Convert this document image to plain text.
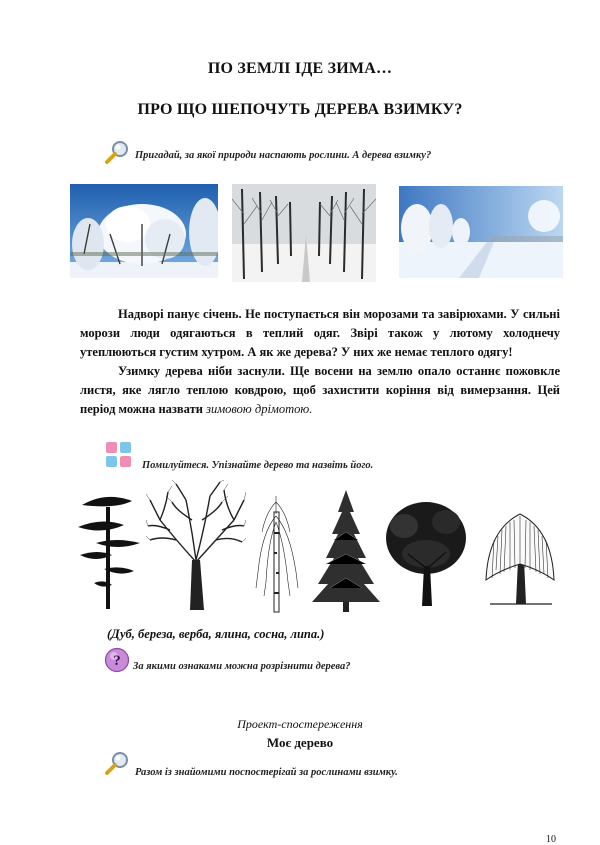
ПО ЗЕМЛІ ІДЕ ЗИМА…
ПРО ЩО ШЕПОЧУТЬ ДЕРЕВА ВЗИМКУ?
Пригадай, за якої природи наспають рослини. А дерева взимку?

Надворі панує січень. Не поступається він морозами та завірюхами. У сильні морози люди одягаються в теплий одяг. Звірі також у лютому холоднечу утеплюються густим хутром. А як же дерева? У них же немає теплого одягу!

Узимку дерева ніби заснули. Ще восени на землю опало останнє пожовкле листя, яке лягло теплою ковдрою, щоб захистити коріння від вимерзання. Цей період можна назвати зимовою дрімотою.

Помилуйтеся. Упізнайте дерево та назвіть його.
(Дуб, береза, верба, ялина, сосна, липа.)
? За якими ознаками можна розрізнити дерева?
Проект-спостереження
Моє дерево
Разом із знайомими поспостерігай за рослинами взимку.
10
